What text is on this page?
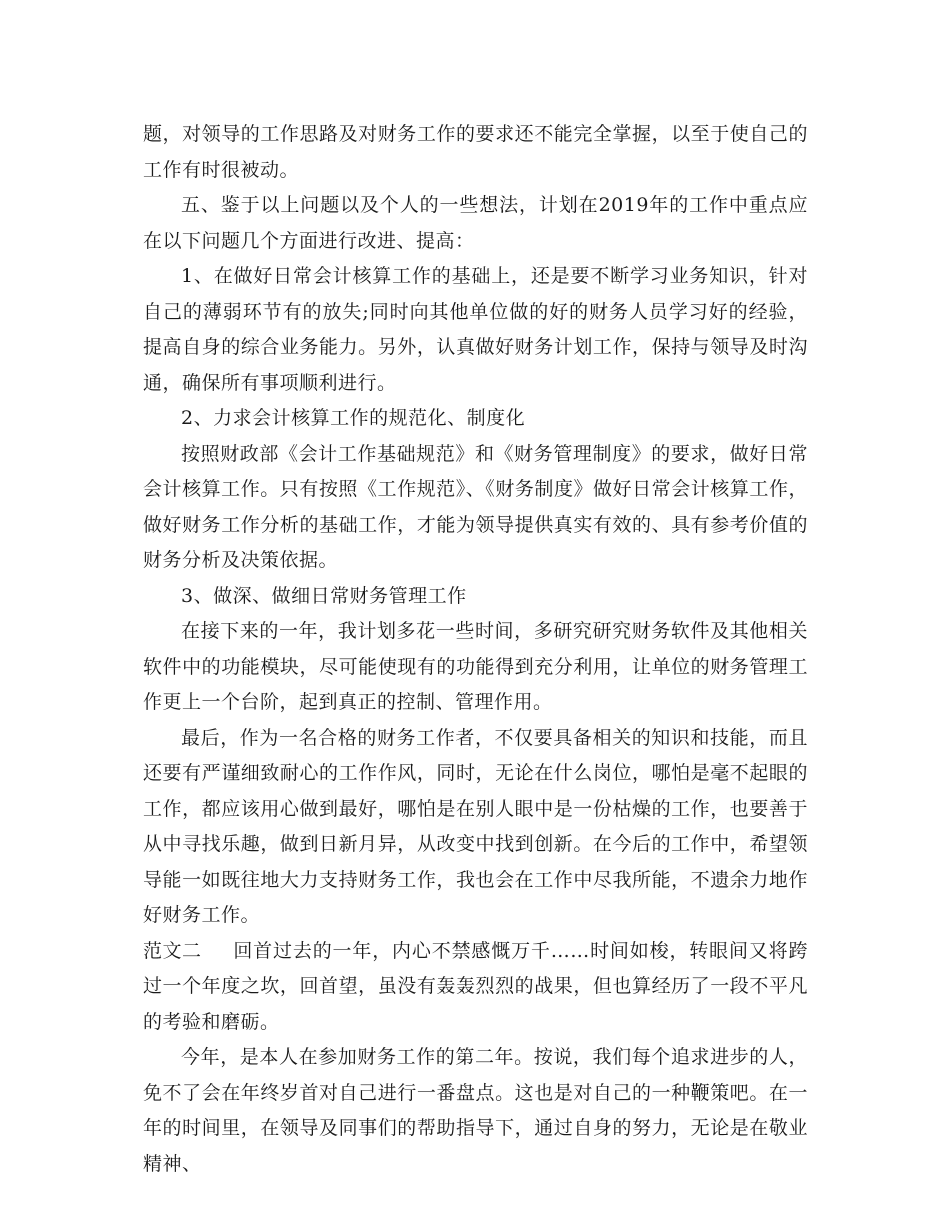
题，对领导的工作思路及对财务工作的要求还不能完全掌握，以至于使自己的工作有时很被动。

五、鉴于以上问题以及个人的一些想法，计划在2019年的工作中重点应在以下问题几个方面进行改进、提高：

1、在做好日常会计核算工作的基础上，还是要不断学习业务知识，针对自己的薄弱环节有的放失;同时向其他单位做的好的财务人员学习好的经验，提高自身的综合业务能力。另外，认真做好财务计划工作，保持与领导及时沟通，确保所有事项顺利进行。

2、力求会计核算工作的规范化、制度化

按照财政部《会计工作基础规范》和《财务管理制度》的要求，做好日常会计核算工作。只有按照《工作规范》、《财务制度》做好日常会计核算工作，做好财务工作分析的基础工作，才能为领导提供真实有效的、具有参考价值的财务分析及决策依据。

3、做深、做细日常财务管理工作

在接下来的一年，我计划多花一些时间，多研究研究财务软件及其他相关软件中的功能模块，尽可能使现有的功能得到充分利用，让单位的财务管理工作更上一个台阶，起到真正的控制、管理作用。

最后，作为一名合格的财务工作者，不仅要具备相关的知识和技能，而且还要有严谨细致耐心的工作作风，同时，无论在什么岗位，哪怕是毫不起眼的工作，都应该用心做到最好，哪怕是在别人眼中是一份枯燥的工作，也要善于从中寻找乐趣，做到日新月异，从改变中找到创新。在今后的工作中，希望领导能一如既往地大力支持财务工作，我也会在工作中尽我所能，不遗余力地作好财务工作。

范文二 回首过去的一年，内心不禁感慨万千……时间如梭，转眼间又将跨过一个年度之坎，回首望，虽没有轰轰烈烈的战果，但也算经历了一段不平凡的考验和磨砺。

今年，是本人在参加财务工作的第二年。按说，我们每个追求进步的人，免不了会在年终岁首对自己进行一番盘点。这也是对自己的一种鞭策吧。在一年的时间里，在领导及同事们的帮助指导下，通过自身的努力，无论是在敬业精神、
